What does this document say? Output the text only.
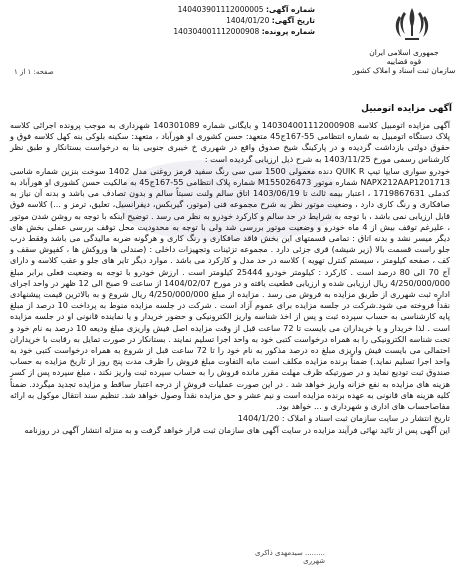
شماره آگهی: 140403901112000005
تاریخ آگهی: 1404/01/20
شماره پرونده: 140304001112000908
جمهوری اسلامی ایران
قوه قضاییه
سازمان ثبت اسناد و املاک کشور
صفحه: ۱ از ۱
آگهی مزایده اتومبیل

آگهی مزایده اتومبیل کلاسه 140304001112000908 و بایگانی شماره 140301089 شهرداری به موجب پرونده اجرائی کلاسه پلاک دستگاه اتومبیل به شماره انتظامی 55-167ج45 متعهد: حسن کشوری او هورآباد ، متعهد: سکینه بلوکی بنه کهل کلاسه فوق و حقوق دولتی بازداشت گردیده و در پارکینگ شیخ صدوق واقع در شهرری خ خیبری جنوبی بنا به درخواست بستانکار و طبق نظر کارشناس رسمی مورخ 1403/11/25 به شرح ذیل ارزیابی گردیده است :

خودرو سواری سایپا تیپ QUIK R دنده معمولی 1500 سی سی رنگ سفید قرمز روغنی مدل 1402 سوخت بنزین شماره شاسی NAPX212AAP1201713 شماره موتور M155026473 شماره پلاک انتظامی 55-167ج45 به مالکیت حسن کشوری او هورآباد به کدملی 1719867631 ، اعتبار بیمه ثالث تا 1403/06/19 اتاق سالم ولنت نسبتاً سالم و بدون تصادف می باشد و بدنه آن نیاز به صافکاری و رنگ کاری دارد ، وضعیت موتور نظر به شرح مجموعه فنی (موتور، گیربکس، دیفرانسیل، تعلیق، ترمز و ...) کلاسه فوق قابل ارزیابی نمی باشد ، با توجه به شرایط در حد سالم و کارکرد خودرو به نظر می رسد . توضیح اینکه با توجه به روشن شدن موتور ، علیرغم توقف بیش از 4 ماه خودرو و وضعیت موتور بررسی شد ولی با توجه به محدودیت محل توقف بررسی عملی بخش های دیگر میسر نشد و بدنه اتاق : تمامی قسمتهای این بخش فاقد صافکاری و رنگ کاری و هرگونه ضربه مالیدگی می باشد وفقط درب جلو راست قسمت بالا (زیر شیشه) قری جزئی دارد . مجموعه تزئینات وتجهیزات داخلی : (صندلی ها وروکش ها ، کفپوش سقف و کف ، صفحه کیلومتر ، سیستم کنترل تهویه ) کلاسه در حد مدل و کارکرد می باشد . موارد دیگر تایر های جلو و عقب کلاسه و دارای آج 70 الی 80 درصد است . کارکرد : کیلومتر خودرو 25444 کیلومتر است . ارزش خودرو با توجه به وضعیت فعلی برابر مبلغ 4/250/000/000 ریال ارزیابی شده و ارزیابی قطعیت یافته و در مورخ 1404/02/07 از ساعت 9 صبح الی 12 ظهر در واحد اجرای اداره ثبت شهرری از طریق مزایده به فروش می رسد . مزایده از مبلغ 4/250/000/000 ریال شروع و به بالاترین قیمت پیشنهادی نقداً فروخته می شود.شرکت در جلسه مزایده برای عموم آزاد است . شرکت در جلسه مزایده منوط به پرداخت 10 درصد از مبلغ پایه کارشناسی به حساب سپرده ثبت و پس از اخذ شناسه واریز الکترونیکی و حضور خریدار و یا نماینده قانونی او در جلسه مزایده است . لذا خریدار و یا خریداران می بایست تا 72 ساعت قبل از وقت مزایده اصل فیش واریزی مبلغ ودیعه 10 درصد به نام خود و تحت شناسه الکترونیکی را به همراه درخواست کتبی خود به واحد اجرا تسلیم نمایند . بستانکار در صورت تمایل به رقابت با خریداران احتمالی می بایست فیش واریزی مبلغ ده درصد مذکور به نام خود را تا 72 ساعت قبل از شروع به همراه درخواست کتبی خود به واحد اجرا تسلیم نماید.) ضمناً برنده مزایده مکلف است مابه التفاوت مبلغ فروش را ظرف مدت پنج روز از تاریخ مزایده به حساب صندوق ثبت تودیع نماید و در صورتیکه ظرف مهلت مقرر مانده فروش را به حساب سپرده ثبت واریز نکند ، مبلغ سپرده پس از کسر هزینه های مزایده به نفع خزانه واریز خواهد شد . در این صورت عملیات فروش از درجه اعتبار ساقط و مزایده تجدید میگردد. ضمناً کلیه هزینه های قانونی به عهده برنده مزایده است و نیم عشر و حق مزایده نقداً وصول خواهد شد. تنظیم سند انتقال موکول به ارائه مفاصاحساب های اداری و شهرداری و ... خواهد بود.

تاریخ انتشار در سایت سازمان ثبت اسناد و املاک : 1404/1/20

این آگهی پس از تائید نهائی فرآیند مزایده در سایت آگهی های سازمان ثبت قرار خواهد گرفت و به منزله انتشار آگهی در روزنامه

......... سیدمهدی ذاکری
شهرری
